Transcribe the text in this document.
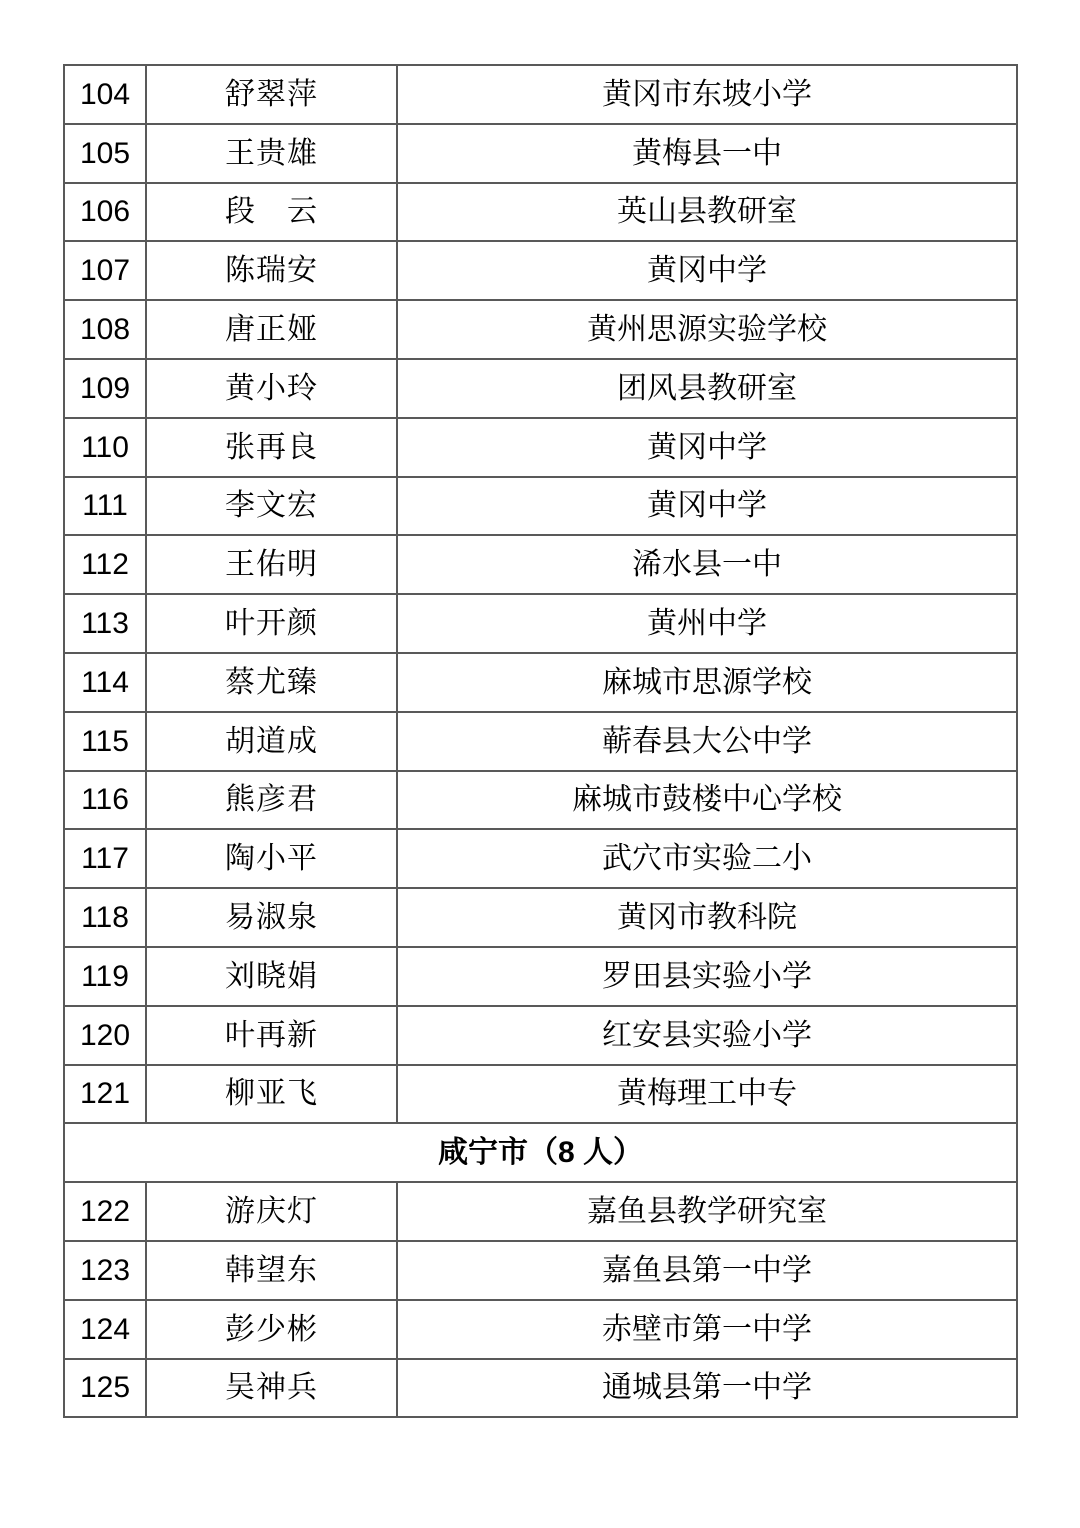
104	舒翠萍	黄冈市东坡小学
105	王贵雄	黄梅县一中
106	段　云	英山县教研室
107	陈瑞安	黄冈中学
108	唐正娅	黄州思源实验学校
109	黄小玲	团风县教研室
110	张再良	黄冈中学
111	李文宏	黄冈中学
112	王佑明	浠水县一中
113	叶开颜	黄州中学
114	蔡尤臻	麻城市思源学校
115	胡道成	蕲春县大公中学
116	熊彦君	麻城市鼓楼中心学校
117	陶小平	武穴市实验二小
118	易淑泉	黄冈市教科院
119	刘晓娟	罗田县实验小学
120	叶再新	红安县实验小学
121	柳亚飞	黄梅理工中专
咸宁市（8 人）		
122	游庆灯	嘉鱼县教学研究室
123	韩望东	嘉鱼县第一中学
124	彭少彬	赤壁市第一中学
125	吴神兵	通城县第一中学
